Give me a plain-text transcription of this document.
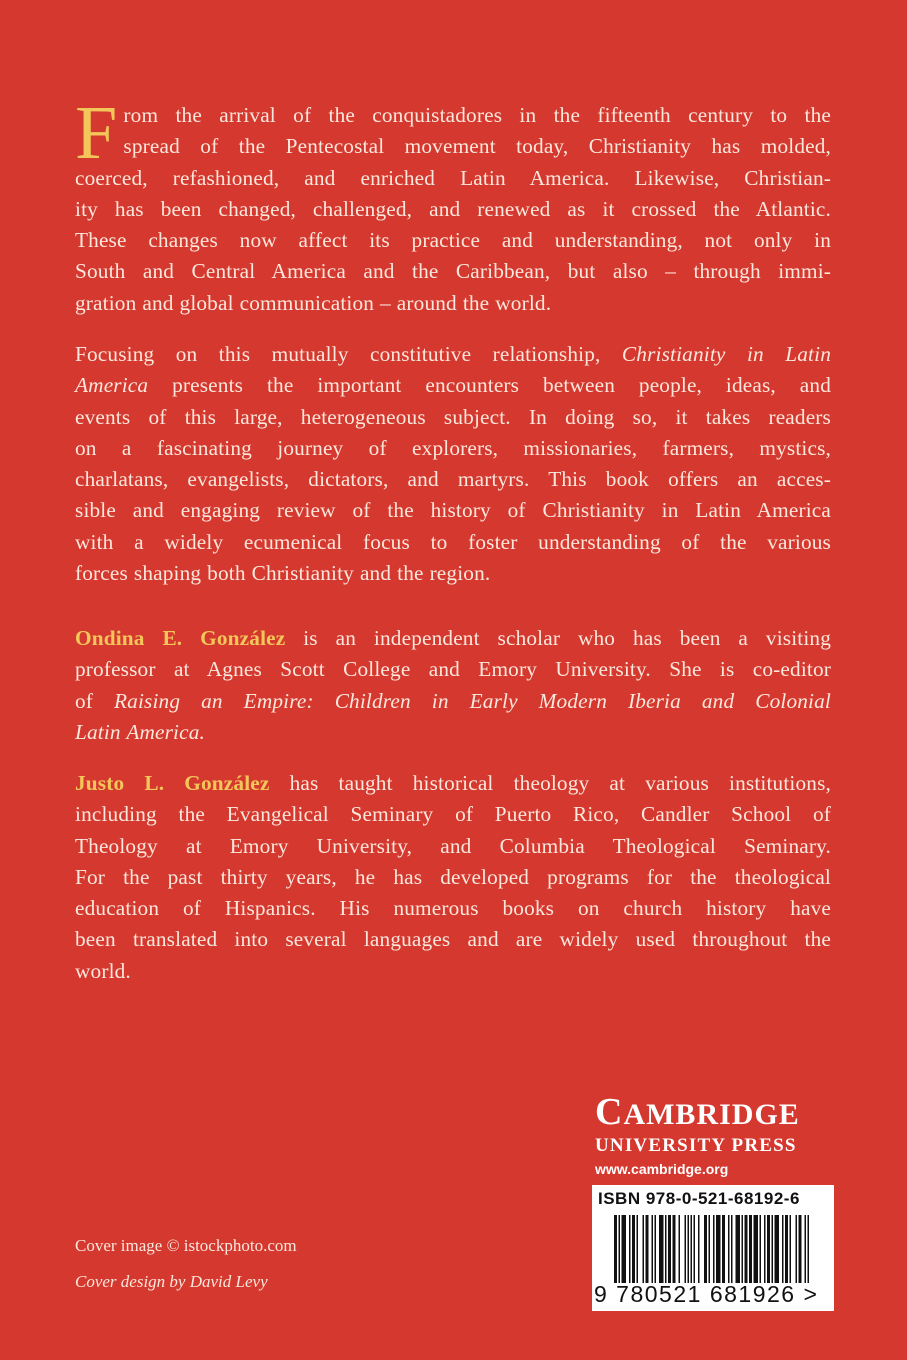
F rom the arrival of the conquistadores in the fifteenth century to the
spread of the Pentecostal movement today, Christianity has molded,
coerced, refashioned, and enriched Latin America. Likewise, Christian-
ity has been changed, challenged, and renewed as it crossed the Atlantic.
These changes now affect its practice and understanding, not only in
South and Central America and the Caribbean, but also – through immi-
gration and global communication – around the world.
Focusing on this mutually constitutive relationship, Christianity in Latin
America presents the important encounters between people, ideas, and
events of this large, heterogeneous subject. In doing so, it takes readers
on a fascinating journey of explorers, missionaries, farmers, mystics,
charlatans, evangelists, dictators, and martyrs. This book offers an acces-
sible and engaging review of the history of Christianity in Latin America
with a widely ecumenical focus to foster understanding of the various
forces shaping both Christianity and the region.
Ondina E. González is an independent scholar who has been a visiting
professor at Agnes Scott College and Emory University. She is co-editor
of Raising an Empire: Children in Early Modern Iberia and Colonial
Latin America.
Justo L. González has taught historical theology at various institutions,
including the Evangelical Seminary of Puerto Rico, Candler School of
Theology at Emory University, and Columbia Theological Seminary.
For the past thirty years, he has developed programs for the theological
education of Hispanics. His numerous books on church history have
been translated into several languages and are widely used throughout the
world.
CAMBRIDGE
UNIVERSITY PRESS
www.cambridge.org
ISBN 978-0-521-68192-6
9 780521 681926 >
Cover image © istockphoto.com
Cover design by David Levy
